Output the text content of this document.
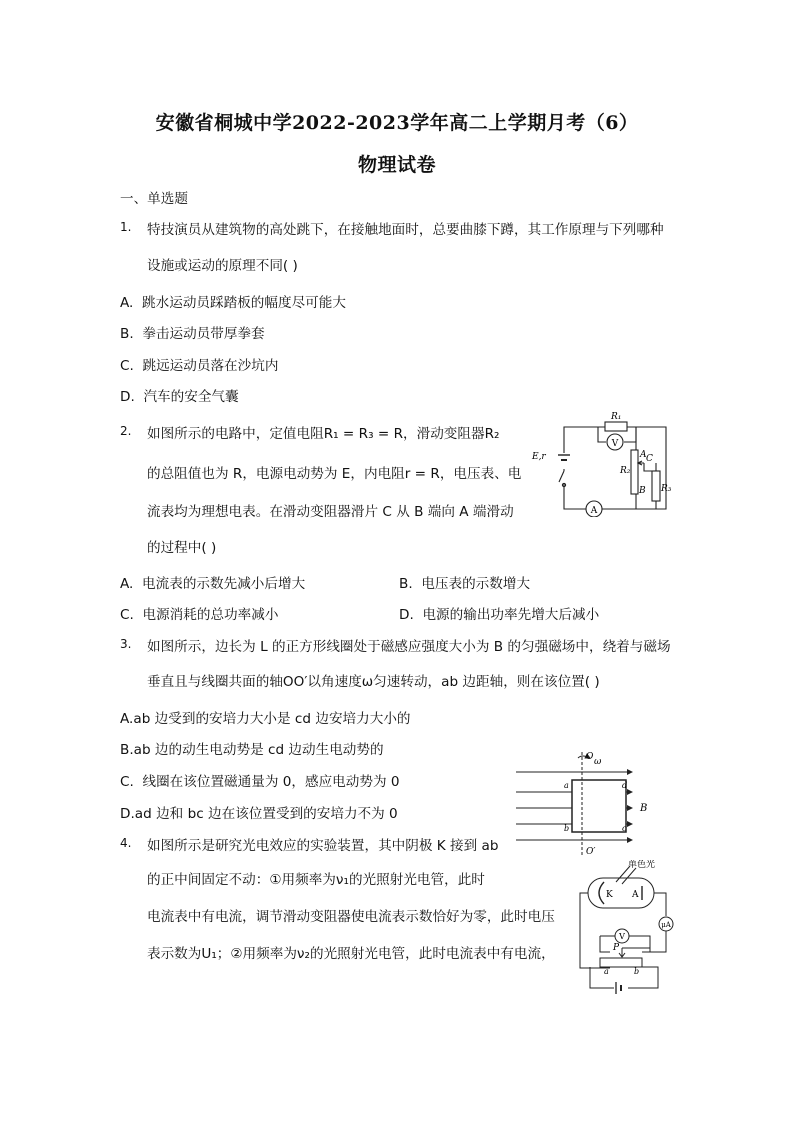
安徽省桐城中学2022-2023学年高二上学期月考（6）
物理试卷
一、单选题
1. 特技演员从建筑物的高处跳下，在接触地面时，总要曲膝下蹲，其工作原理与下列哪种
设施或运动的原理不同( )
A. 跳水运动员踩踏板的幅度尽可能大
B. 拳击运动员带厚拳套
C. 跳远运动员落在沙坑内
D. 汽车的安全气囊
2. 如图所示的电路中，定值电阻R₁ = R₃ = R，滑动变阻器R₂
的总阻值也为 R，电源电动势为 E，内电阻r = R，电压表、电
流表均为理想电表。在滑动变阻器滑片 C 从 B 端向 A 端滑动
的过程中( )
R₁
V
E,r	A C
R₂
B R₃
A
A. 电流表的示数先减小后增大	B. 电压表的示数增大
C. 电源消耗的总功率减小	D. 电源的输出功率先增大后减小
3. 如图所示，边长为 L 的正方形线圈处于磁感应强度大小为 B 的匀强磁场中，绕着与磁场
垂直且与线圈共面的轴OO′以角速度ω匀速转动，ab 边距轴，则在该位置( )
A.ab 边受到的安培力大小是 cd 边安培力大小的
B.ab 边的动生电动势是 cd 边动生电动势的
C. 线圈在该位置磁通量为 0，感应电动势为 0
D.ad 边和 bc 边在该位置受到的安培力不为 0
O ω
a	d
B
b	c
O′
4. 如图所示是研究光电效应的实验装置，其中阴极 K 接到 ab
的正中间固定不动：①用频率为ν₁的光照射光电管，此时
电流表中有电流，调节滑动变阻器使电流表示数恰好为零，此时电压
表示数为U₁；②用频率为ν₂的光照射光电管，此时电流表中有电流，
单色光
K A
μA
V
P
a	b
